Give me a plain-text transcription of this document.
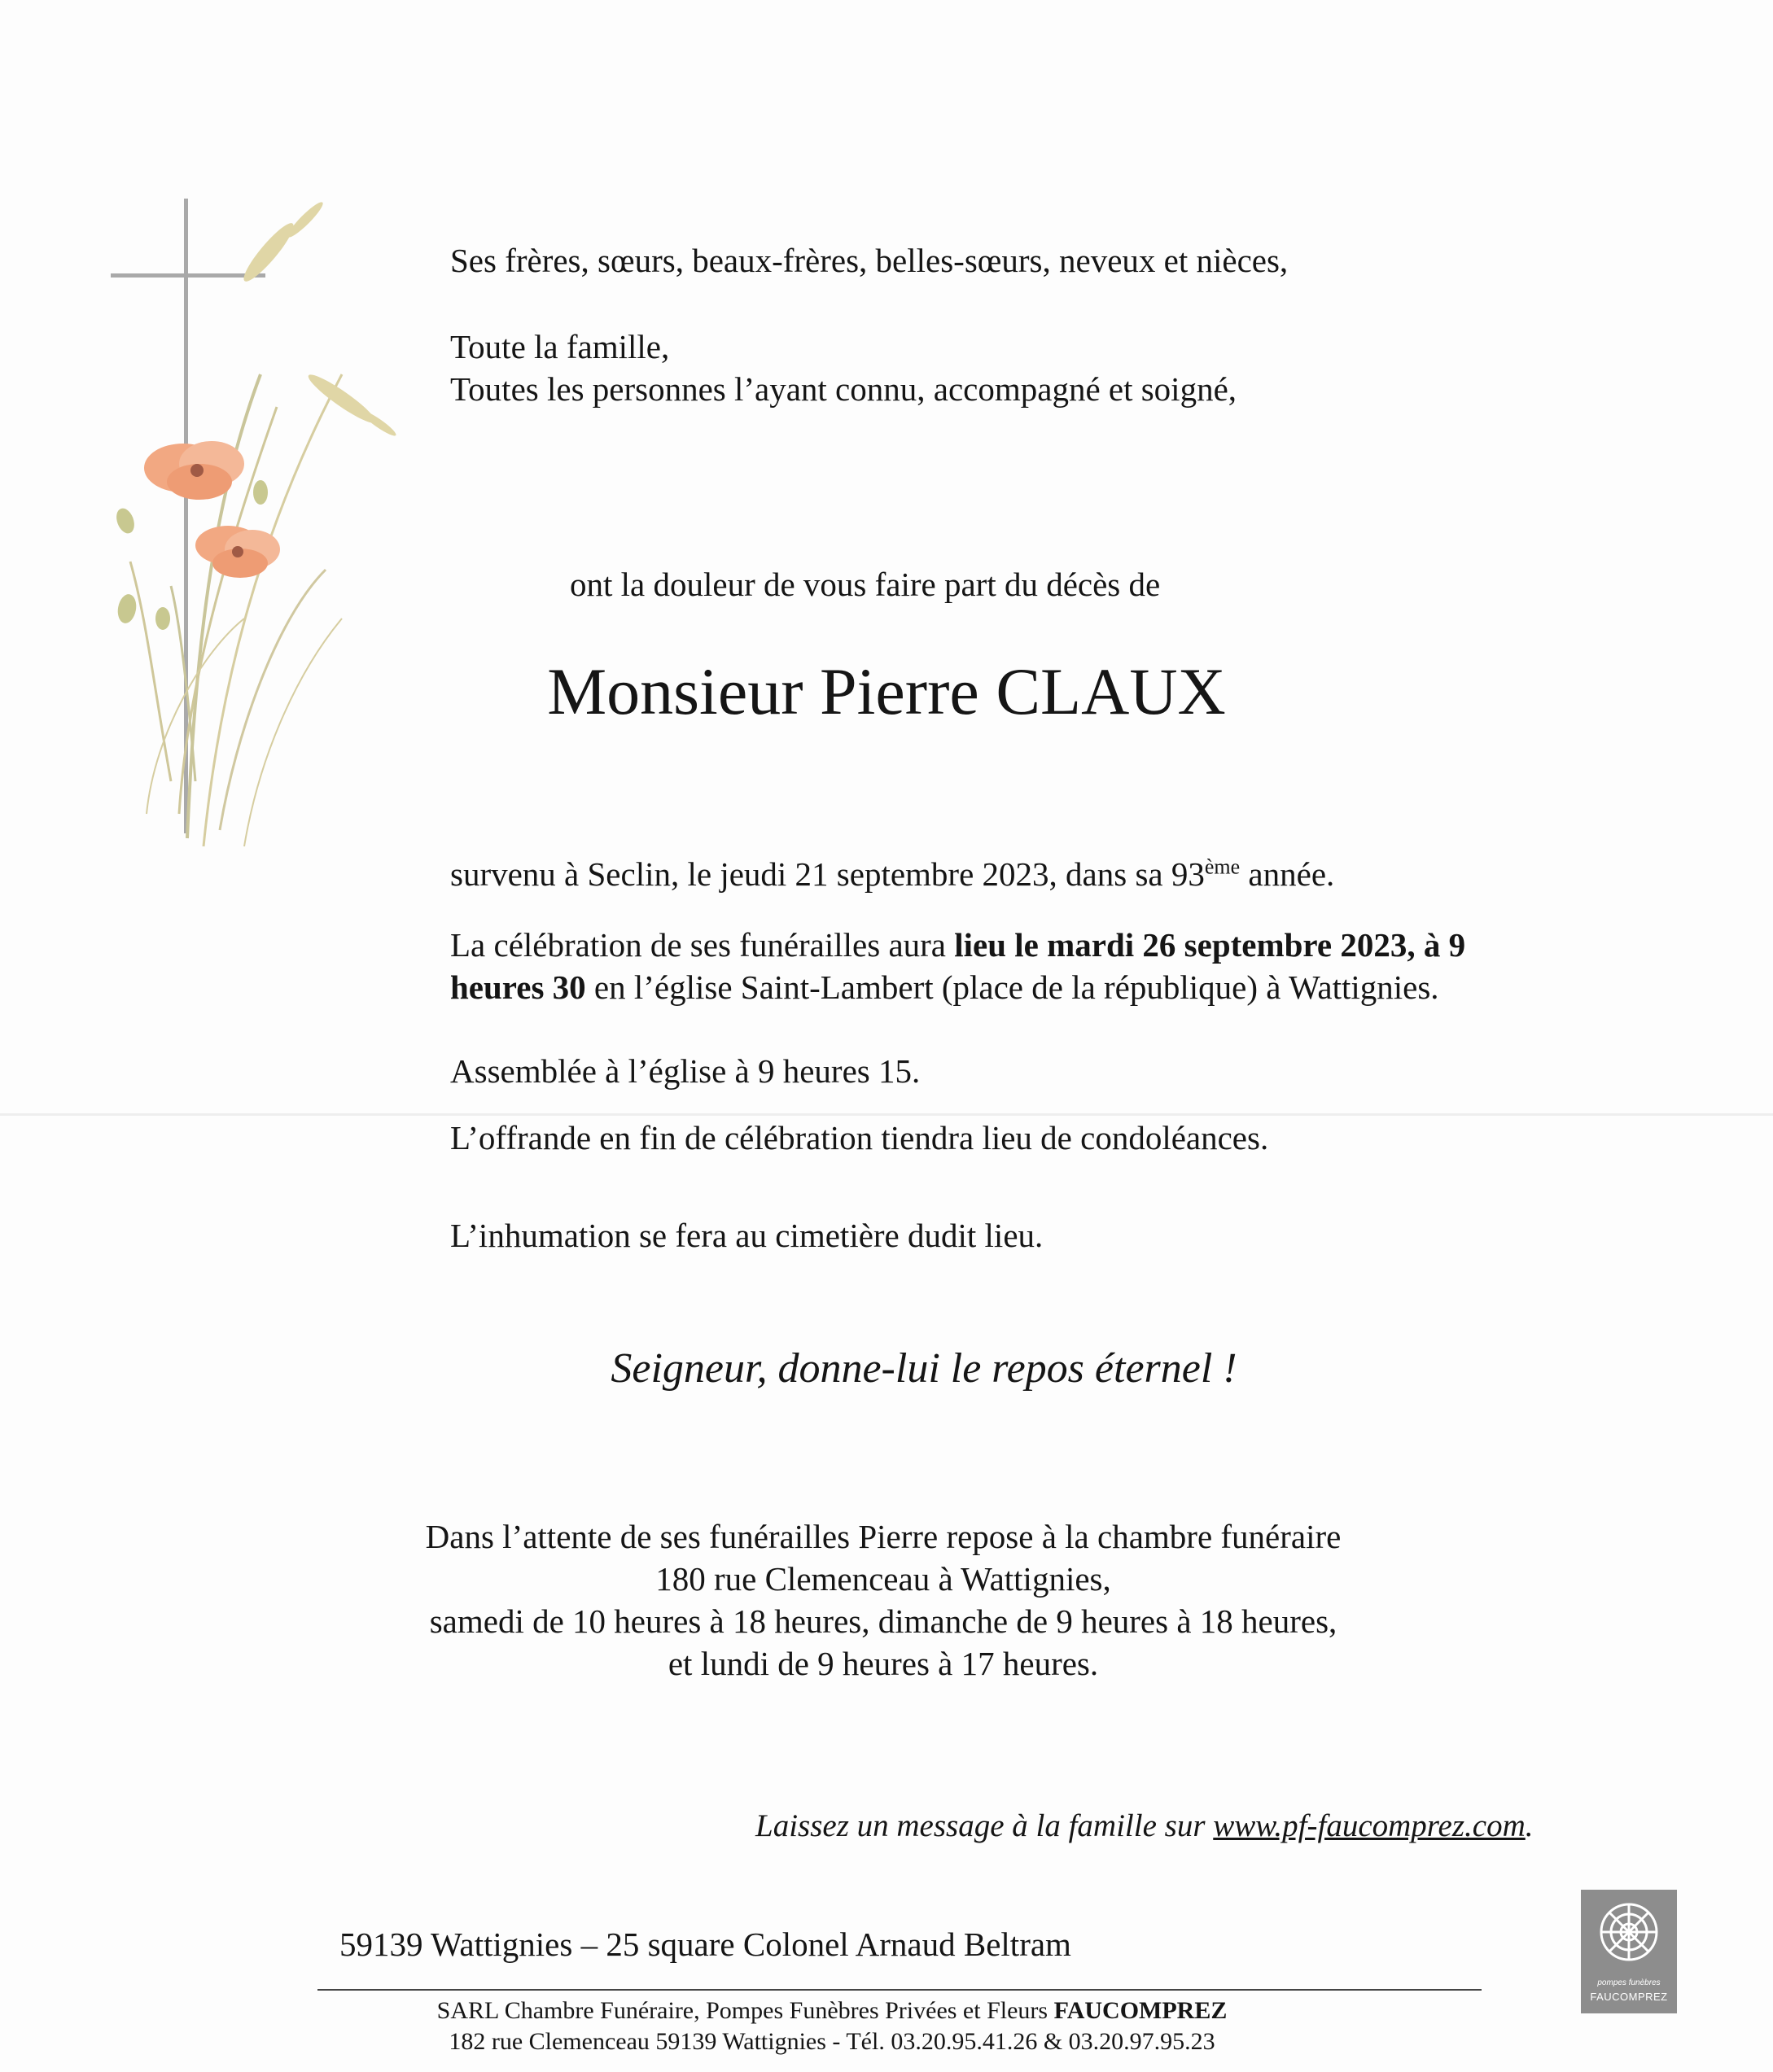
Ses frères, sœurs, beaux-frères, belles-sœurs, neveux et nièces,
Toute la famille,
Toutes les personnes l’ayant connu, accompagné et soigné,
ont la douleur de vous faire part du décès de
Monsieur Pierre CLAUX
survenu à Seclin, le jeudi 21 septembre 2023, dans sa 93ème année.
La célébration de ses funérailles aura lieu le mardi 26 septembre 2023, à 9
heures 30 en l’église Saint-Lambert (place de la république) à Wattignies.
Assemblée à l’église à 9 heures 15.
L’offrande en fin de célébration tiendra lieu de condoléances.
L’inhumation se fera au cimetière dudit lieu.
Seigneur, donne-lui le repos éternel !
Dans l’attente de ses funérailles Pierre repose à la chambre funéraire
180 rue Clemenceau à Wattignies,
samedi de 10 heures à 18 heures, dimanche de 9 heures à 18 heures,
et lundi de 9 heures à 17 heures.
Laissez un message à la famille sur www.pf-faucomprez.com.
59139 Wattignies – 25 square Colonel Arnaud Beltram
SARL Chambre Funéraire, Pompes Funèbres Privées et Fleurs FAUCOMPREZ
182 rue Clemenceau 59139 Wattignies - Tél. 03.20.95.41.26 & 03.20.97.95.23
pompes funèbres
FAUCOMPREZ
